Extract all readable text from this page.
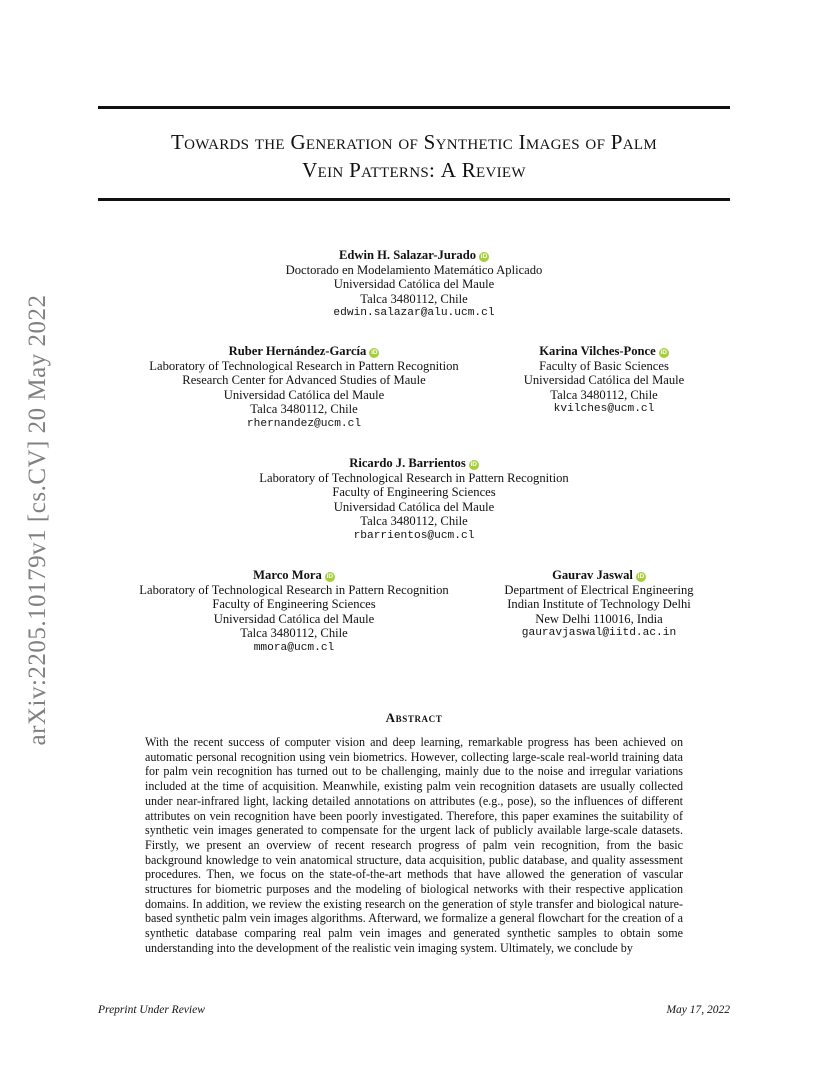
arXiv:2205.10179v1 [cs.CV] 20 May 2022
Towards the Generation of Synthetic Images of Palm
Vein Patterns: A Review
Edwin H. Salazar-Jurado iD
Doctorado en Modelamiento Matemático Aplicado
Universidad Católica del Maule
Talca 3480112, Chile
edwin.salazar@alu.ucm.cl
Ruber Hernández-García iD
Laboratory of Technological Research in Pattern Recognition
Research Center for Advanced Studies of Maule
Universidad Católica del Maule
Talca 3480112, Chile
rhernandez@ucm.cl
Karina Vilches-Ponce iD
Faculty of Basic Sciences
Universidad Católica del Maule
Talca 3480112, Chile
kvilches@ucm.cl
Ricardo J. Barrientos iD
Laboratory of Technological Research in Pattern Recognition
Faculty of Engineering Sciences
Universidad Católica del Maule
Talca 3480112, Chile
rbarrientos@ucm.cl
Marco Mora iD
Laboratory of Technological Research in Pattern Recognition
Faculty of Engineering Sciences
Universidad Católica del Maule
Talca 3480112, Chile
mmora@ucm.cl
Gaurav Jaswal iD
Department of Electrical Engineering
Indian Institute of Technology Delhi
New Delhi 110016, India
gauravjaswal@iitd.ac.in
Abstract

With the recent success of computer vision and deep learning, remarkable progress has been achieved on automatic personal recognition using vein biometrics. However, collecting large-scale real-world training data for palm vein recognition has turned out to be challenging, mainly due to the noise and irregular variations included at the time of acquisition. Meanwhile, existing palm vein recognition datasets are usually collected under near-infrared light, lacking detailed annotations on attributes (e.g., pose), so the influences of different attributes on vein recognition have been poorly investigated. Therefore, this paper examines the suitability of synthetic vein images generated to compensate for the urgent lack of publicly available large-scale datasets. Firstly, we present an overview of recent research progress of palm vein recognition, from the basic background knowledge to vein anatomical structure, data acquisition, public database, and quality assessment procedures. Then, we focus on the state-of-the-art methods that have allowed the generation of vascular structures for biometric purposes and the modeling of biological networks with their respective application domains. In addition, we review the existing research on the generation of style transfer and biological nature-based synthetic palm vein images algorithms. Afterward, we formalize a general flowchart for the creation of a synthetic database comparing real palm vein images and generated synthetic samples to obtain some understanding into the development of the realistic vein imaging system. Ultimately, we conclude by

Preprint Under Review	May 17, 2022
